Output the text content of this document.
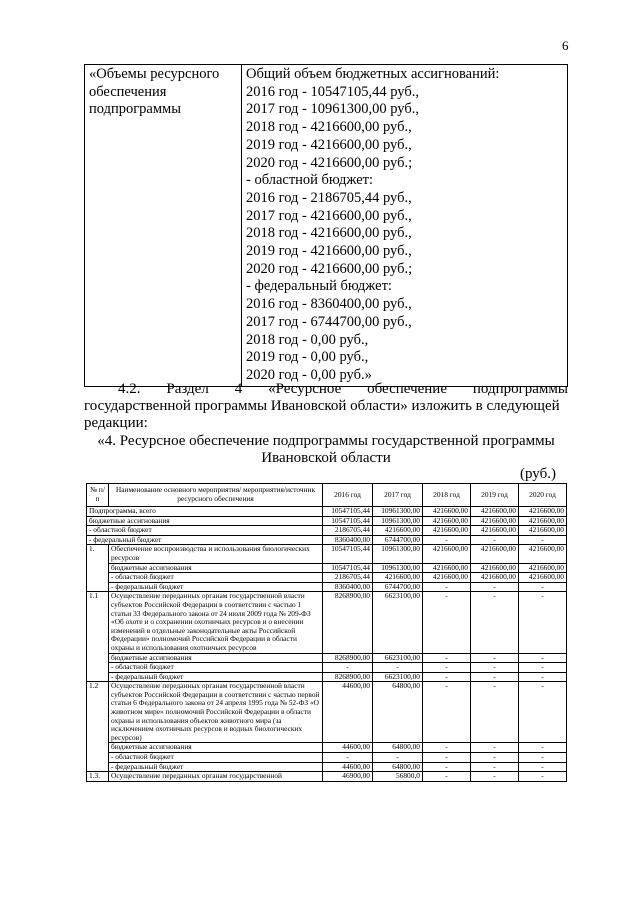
6
«Объемы ресурсного
обеспечения
подпрограммы

Общий объем бюджетных ассигнований:
2016 год - 10547105,44 руб.,
2017 год - 10961300,00 руб.,
2018 год - 4216600,00 руб.,
2019 год - 4216600,00 руб.,
2020 год - 4216600,00 руб.;
- областной бюджет:
2016 год - 2186705,44 руб.,
2017 год - 4216600,00 руб.,
2018 год - 4216600,00 руб.,
2019 год - 4216600,00 руб.,
2020 год - 4216600,00 руб.;
- федеральный бюджет:
2016 год - 8360400,00 руб.,
2017 год - 6744700,00 руб.,
2018 год - 0,00 руб.,
2019 год - 0,00 руб.,
2020 год - 0,00 руб.»
4.2. Раздел 4 «Ресурсное обеспечение подпрограммы
государственной программы Ивановской области» изложить в следующей
редакции:
«4. Ресурсное обеспечение подпрограммы государственной программы
Ивановской области
(руб.)
№ п/п	Наименование основного мероприятия/ мероприятия/источник ресурсного обеспечения	2016 год	2017 год	2018 год	2019 год	2020 год
Подпрограмма, всего		10547105,44	10961300,00	4216600,00	4216600,00	4216600,00
бюджетные ассигнования		10547105,44	10961300,00	4216600,00	4216600,00	4216600,00
- областной бюджет		2186705,44	4216600,00	4216600,00	4216600,00	4216600,00
- федеральный бюджет		8360400,00	6744700,00	-	-	-
1.	Обеспечение воспроизводства и использования биологических ресурсов	10547105,44	10961300,00	4216600,00	4216600,00	4216600,00
	бюджетные ассигнования	10547105,44	10961300,00	4216600,00	4216600,00	4216600,00
	- областной бюджет	2186705,44	4216600,00	4216600,00	4216600,00	4216600,00
	- федеральный бюджет	8360400,00	6744700,00	-	-	-
1.1	Осуществление переданных органам государственной власти субъектов Российской Федерации в соответствии с частью 1 статьи 33 Федерального закона от 24 июля 2009 года № 209-ФЗ «Об охоте и о сохранении охотничьих ресурсов и о внесении изменений в отдельные законодательные акты Российской Федерации» полномочий Российской Федерации в области охраны и использования охотничьих ресурсов	8268900,00	6623100,00	-	-	-
	бюджетные ассигнования	8268900,00	6623100,00	-	-	-
	- областной бюджет	-	-	-	-	-
	- федеральный бюджет	8268900,00	6623100,00	-	-	-
1.2	Осуществление переданных органам государственной власти субъектов Российской Федерации в соответствии с частью первой статьи 6 Федерального закона от 24 апреля 1995 года № 52-ФЗ «О животном мире» полномочий Российской Федерации в области охраны и использования объектов животного мира (за исключением охотничьих ресурсов и водных биологических ресурсов)	44600,00	64800,00	-	-	-
	бюджетные ассигнования	44600,00	64800,00	-	-	-
	- областной бюджет	-	-	-	-	-
	- федеральный бюджет	44600,00	64800,00	-	-	-
1.3.	Осуществление переданных органам государственной	46900,00	56800,0	-	-	-
